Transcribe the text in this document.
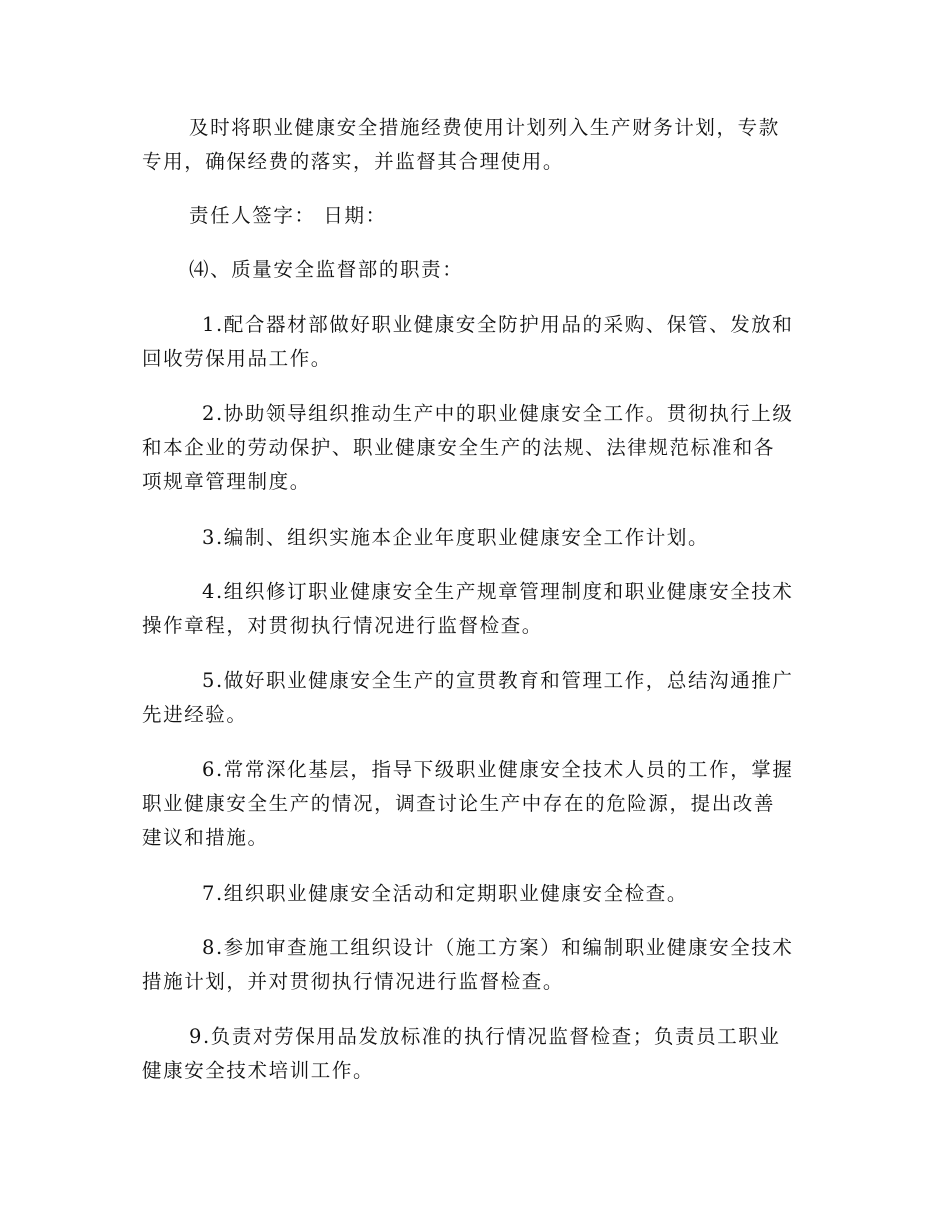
及时将职业健康安全措施经费使用计划列入生产财务计划，专款
专用，确保经费的落实，并监督其合理使用。

责任人签字： 日期：

⑷、质量安全监督部的职责：

1.配合器材部做好职业健康安全防护用品的采购、保管、发放和
回收劳保用品工作。

2.协助领导组织推动生产中的职业健康安全工作。贯彻执行上级
和本企业的劳动保护、职业健康安全生产的法规、法律规范标准和各
项规章管理制度。

3.编制、组织实施本企业年度职业健康安全工作计划。

4.组织修订职业健康安全生产规章管理制度和职业健康安全技术
操作章程，对贯彻执行情况进行监督检查。

5.做好职业健康安全生产的宣贯教育和管理工作，总结沟通推广
先进经验。

6.常常深化基层，指导下级职业健康安全技术人员的工作，掌握
职业健康安全生产的情况，调查讨论生产中存在的危险源，提出改善
建议和措施。

7.组织职业健康安全活动和定期职业健康安全检查。

8.参加审查施工组织设计（施工方案）和编制职业健康安全技术
措施计划，并对贯彻执行情况进行监督检查。

9.负责对劳保用品发放标准的执行情况监督检查；负责员工职业
健康安全技术培训工作。
